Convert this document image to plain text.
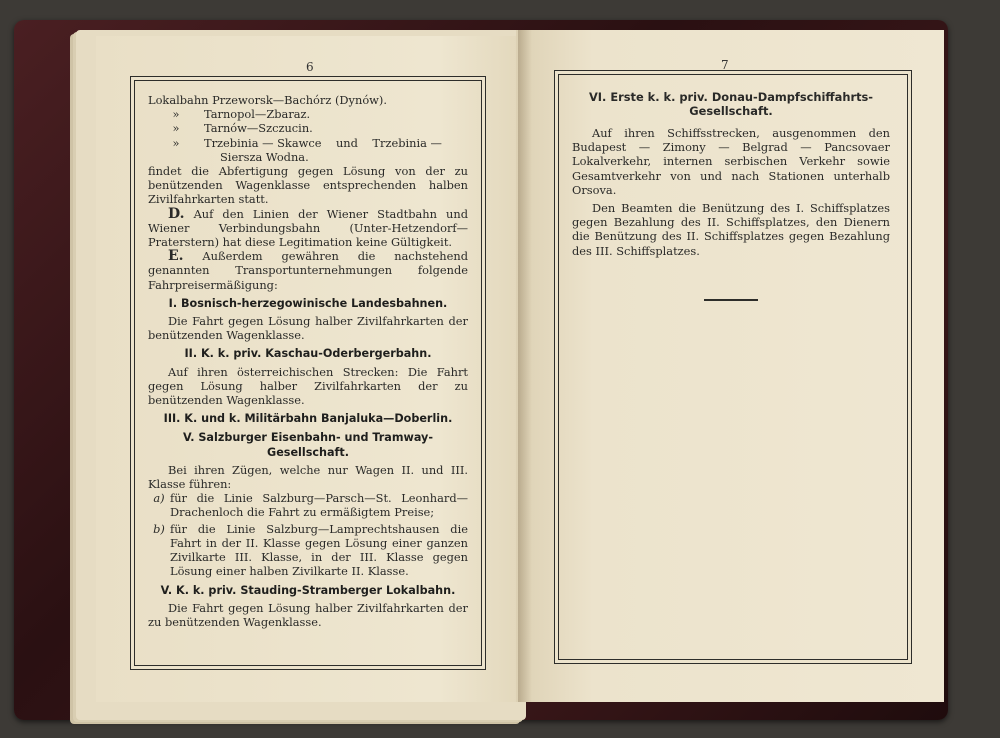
6	7

Lokalbahn Przeworsk—Bachórz (Dynów).

»	Tarnopol—Zbaraz.
»	Tarnów—Szczucin.
»	Trzebinia — Skawce    und    Trzebinia —

Siersza Wodna.

findet die Abfertigung gegen Lösung von der zu benützenden Wagenklasse entsprechenden halben Zivilfahrkarten statt.

D. Auf den Linien der Wiener Stadtbahn und Wiener Verbindungsbahn (Unter-Hetzendorf—Praterstern) hat diese Legitimation keine Gültigkeit.

E. Außerdem gewähren die nachstehend genannten Transportunternehmungen folgende Fahrpreisermäßigung:

I. Bosnisch-herzegowinische Landesbahnen.

Die Fahrt gegen Lösung halber Zivilfahrkarten der benützenden Wagenklasse.

II. K. k. priv. Kaschau-Oderbergerbahn.

Auf ihren österreichischen Strecken: Die Fahrt gegen Lösung halber Zivilfahrkarten der zu benützenden Wagenklasse.

III. K. und k. Militärbahn Banjaluka—Doberlin.
V. Salzburger Eisenbahn- und Tramway-Gesellschaft.

Bei ihren Zügen, welche nur Wagen II. und III. Klasse führen:

a) für die Linie Salzburg—Parsch—St. Leonhard—Drachenloch die Fahrt zu ermäßigtem Preise;
b) für die Linie Salzburg—Lamprechtshausen die Fahrt in der II. Klasse gegen Lösung einer ganzen Zivilkarte III. Klasse, in der III. Klasse gegen Lösung einer halben Zivilkarte II. Klasse.
V. K. k. priv. Stauding-Stramberger Lokalbahn.

Die Fahrt gegen Lösung halber Zivilfahrkarten der zu benützenden Wagenklasse.

VI. Erste k. k. priv. Donau-Dampfschiffahrts-
Gesellschaft.

Auf ihren Schiffsstrecken, ausgenommen den Budapest — Zimony — Belgrad — Pancsovaer Lokalverkehr, internen serbischen Verkehr sowie Gesamtverkehr von und nach Stationen unterhalb Orsova.

Den Beamten die Benützung des I. Schiffsplatzes gegen Bezahlung des II. Schiffsplatzes, den Dienern die Benützung des II. Schiffsplatzes gegen Bezahlung des III. Schiffsplatzes.
